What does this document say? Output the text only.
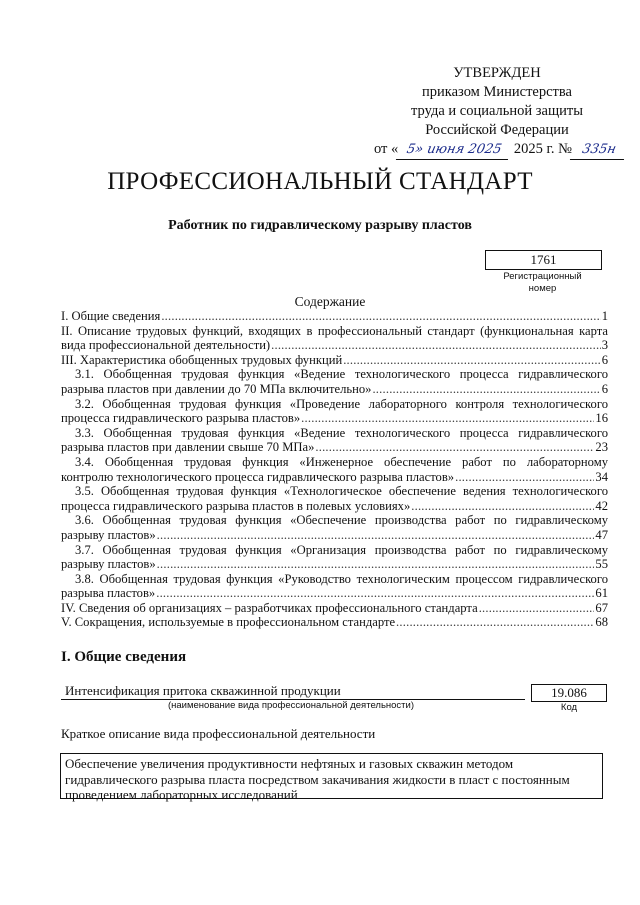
УТВЕРЖДЕН
приказом Министерства
труда и социальной защиты
Российской Федерации
от « 5» июня 2025 2025 г. № 335н
ПРОФЕССИОНАЛЬНЫЙ СТАНДАРТ
Работник по гидравлическому разрыву пластов
1761
Регистрационный
номер
Содержание
I. Общие сведения .....	1
II. Описание трудовых функций, входящих в профессиональный стандарт (функциональная карта
вида профессиональной деятельности) .....	3
III. Характеристика обобщенных трудовых функций .....	6
3.1. Обобщенная трудовая функция «Ведение технологического процесса гидравлического
разрыва пластов при давлении до 70 МПа включительно» .....	6
3.2. Обобщенная трудовая функция «Проведение лабораторного контроля технологического
процесса гидравлического разрыва пластов» .....	16
3.3. Обобщенная трудовая функция «Ведение технологического процесса гидравлического
разрыва пластов при давлении свыше 70 МПа» .....	23
3.4. Обобщенная трудовая функция «Инженерное обеспечение работ по лабораторному
контролю технологического процесса гидравлического разрыва пластов» .....	34
3.5. Обобщенная трудовая функция «Технологическое обеспечение ведения технологического
процесса гидравлического разрыва пластов в полевых условиях» .....	42
3.6. Обобщенная трудовая функция «Обеспечение производства работ по гидравлическому
разрыву пластов» .....	47
3.7. Обобщенная трудовая функция «Организация производства работ по гидравлическому
разрыву пластов» .....	55
3.8. Обобщенная трудовая функция «Руководство технологическим процессом гидравлического
разрыва пластов» .....	61
IV. Сведения об организациях – разработчиках профессионального стандарта .....	67
V. Сокращения, используемые в профессиональном стандарте .....	68
I. Общие сведения
Интенсификация притока скважинной продукции
(наименование вида профессиональной деятельности)
19.086
Код
Краткое описание вида профессиональной деятельности
Обеспечение увеличения продуктивности нефтяных и газовых скважин методом гидравлического разрыва пласта посредством закачивания жидкости в пласт с постоянным проведением лабораторных исследований
